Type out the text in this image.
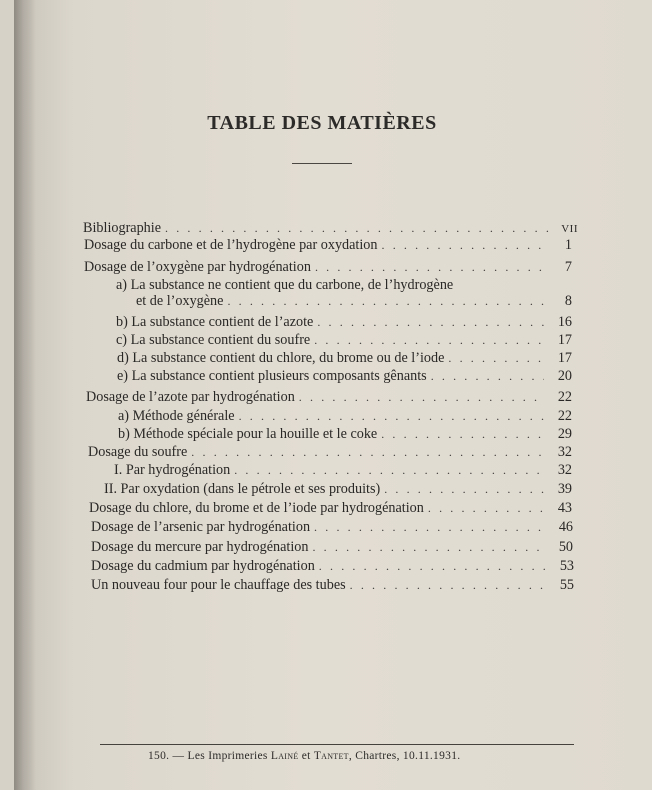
TABLE DES MATIÈRES
Bibliographie . . .	VII
Dosage du carbone et de l’hydrogène par oxydation . . .	1
Dosage de l’oxygène par hydrogénation . . .	7
a) La substance ne contient que du carbone, de l’hydrogène
et de l’oxygène . . .	8
b) La substance contient de l’azote . . .	16
c) La substance contient du soufre . . .	17
d) La substance contient du chlore, du brome ou de l’iode . . .	17
e) La substance contient plusieurs composants gênants . . .	20
Dosage de l’azote par hydrogénation . . .	22
a) Méthode générale . . .	22
b) Méthode spéciale pour la houille et le coke . . .	29
Dosage du soufre . . .	32
I. Par hydrogénation . . .	32
II. Par oxydation (dans le pétrole et ses produits) . . .	39
Dosage du chlore, du brome et de l’iode par hydrogénation . . .	43
Dosage de l’arsenic par hydrogénation . . .	46
Dosage du mercure par hydrogénation . . .	50
Dosage du cadmium par hydrogénation . . .	53
Un nouveau four pour le chauffage des tubes . . .	55
150. — Les Imprimeries Lainé et Tantet, Chartres, 10.11.1931.
